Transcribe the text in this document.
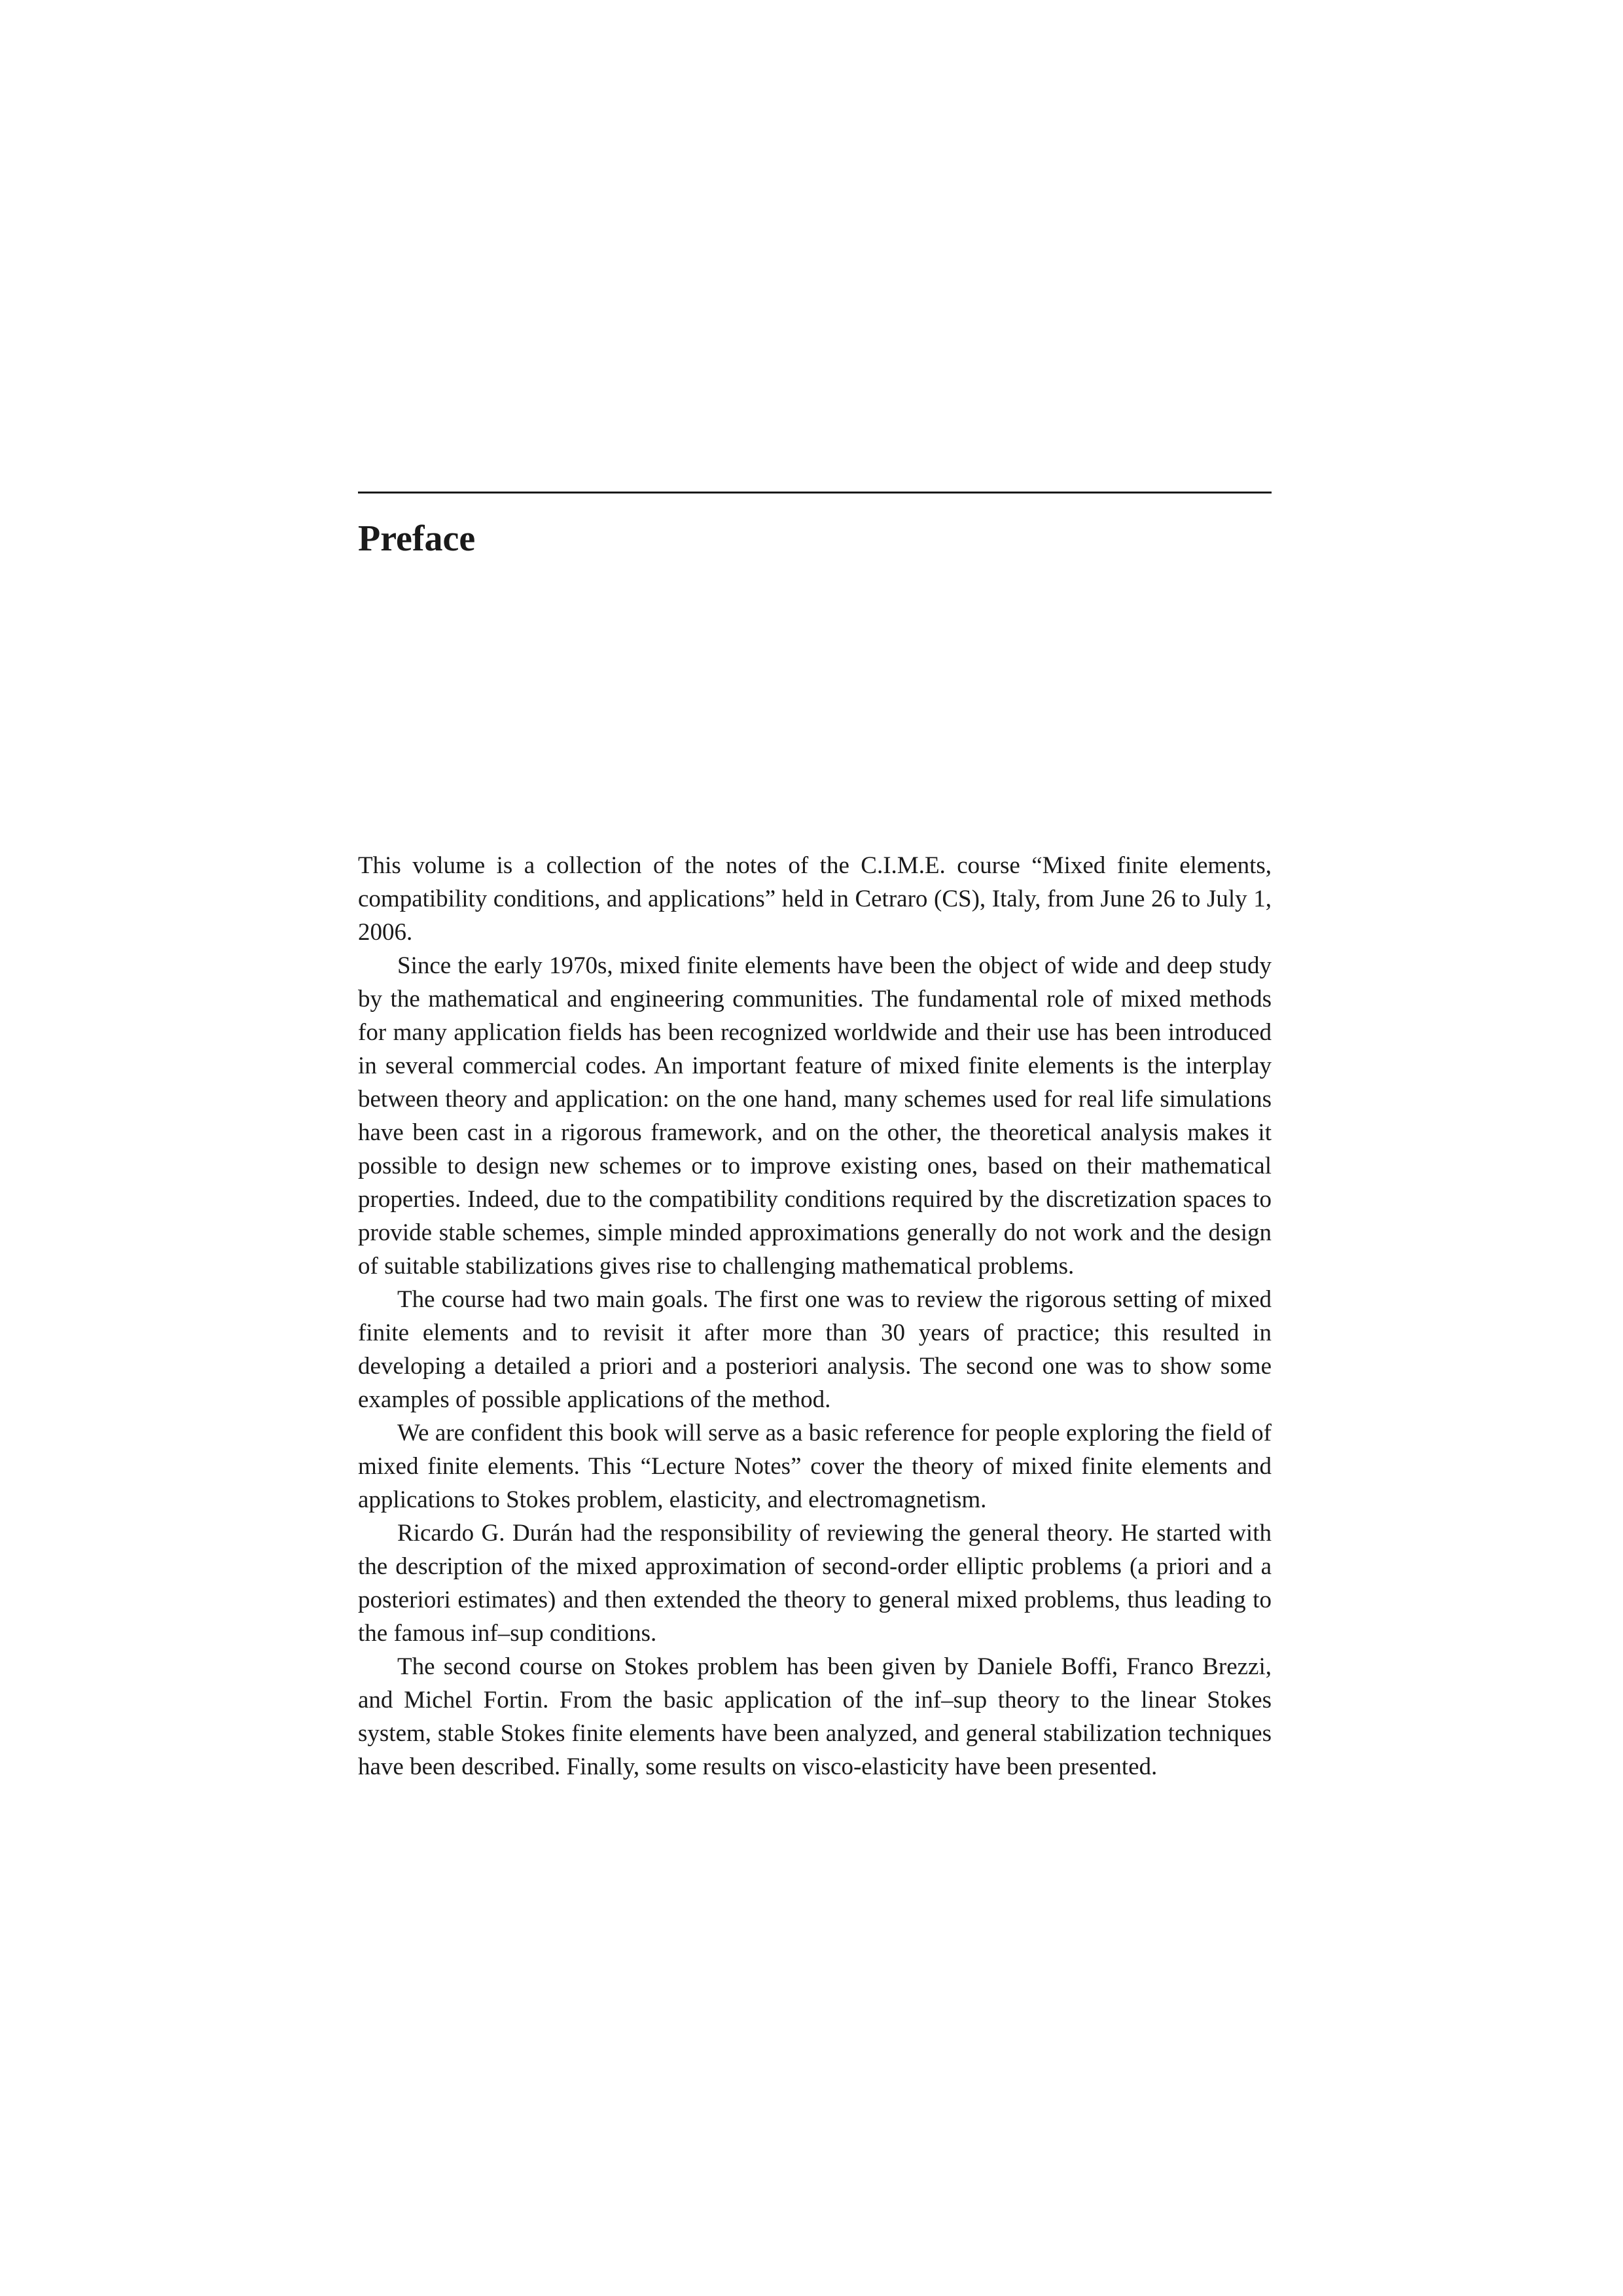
Preface

This volume is a collection of the notes of the C.I.M.E. course “Mixed finite elements, compatibility conditions, and applications” held in Cetraro (CS), Italy, from June 26 to July 1, 2006.

Since the early 1970s, mixed finite elements have been the object of wide and deep study by the mathematical and engineering communities. The fundamental role of mixed methods for many application fields has been recognized worldwide and their use has been introduced in several commercial codes. An important feature of mixed finite elements is the interplay between theory and application: on the one hand, many schemes used for real life simulations have been cast in a rigorous framework, and on the other, the theoretical analysis makes it possible to design new schemes or to improve existing ones, based on their mathematical properties. Indeed, due to the compatibility conditions required by the discretization spaces to provide stable schemes, simple minded approximations generally do not work and the design of suitable stabilizations gives rise to challenging mathematical problems.

The course had two main goals. The first one was to review the rigorous setting of mixed finite elements and to revisit it after more than 30 years of practice; this resulted in developing a detailed a priori and a posteriori analysis. The second one was to show some examples of possible applications of the method.

We are confident this book will serve as a basic reference for people exploring the field of mixed finite elements. This “Lecture Notes” cover the theory of mixed finite elements and applications to Stokes problem, elasticity, and electromagnetism.

Ricardo G. Durán had the responsibility of reviewing the general theory. He started with the description of the mixed approximation of second-order elliptic problems (a priori and a posteriori estimates) and then extended the theory to general mixed problems, thus leading to the famous inf–sup conditions.

The second course on Stokes problem has been given by Daniele Boffi, Franco Brezzi, and Michel Fortin. From the basic application of the inf–sup theory to the linear Stokes system, stable Stokes finite elements have been analyzed, and general stabilization techniques have been described. Finally, some results on visco-elasticity have been presented.
